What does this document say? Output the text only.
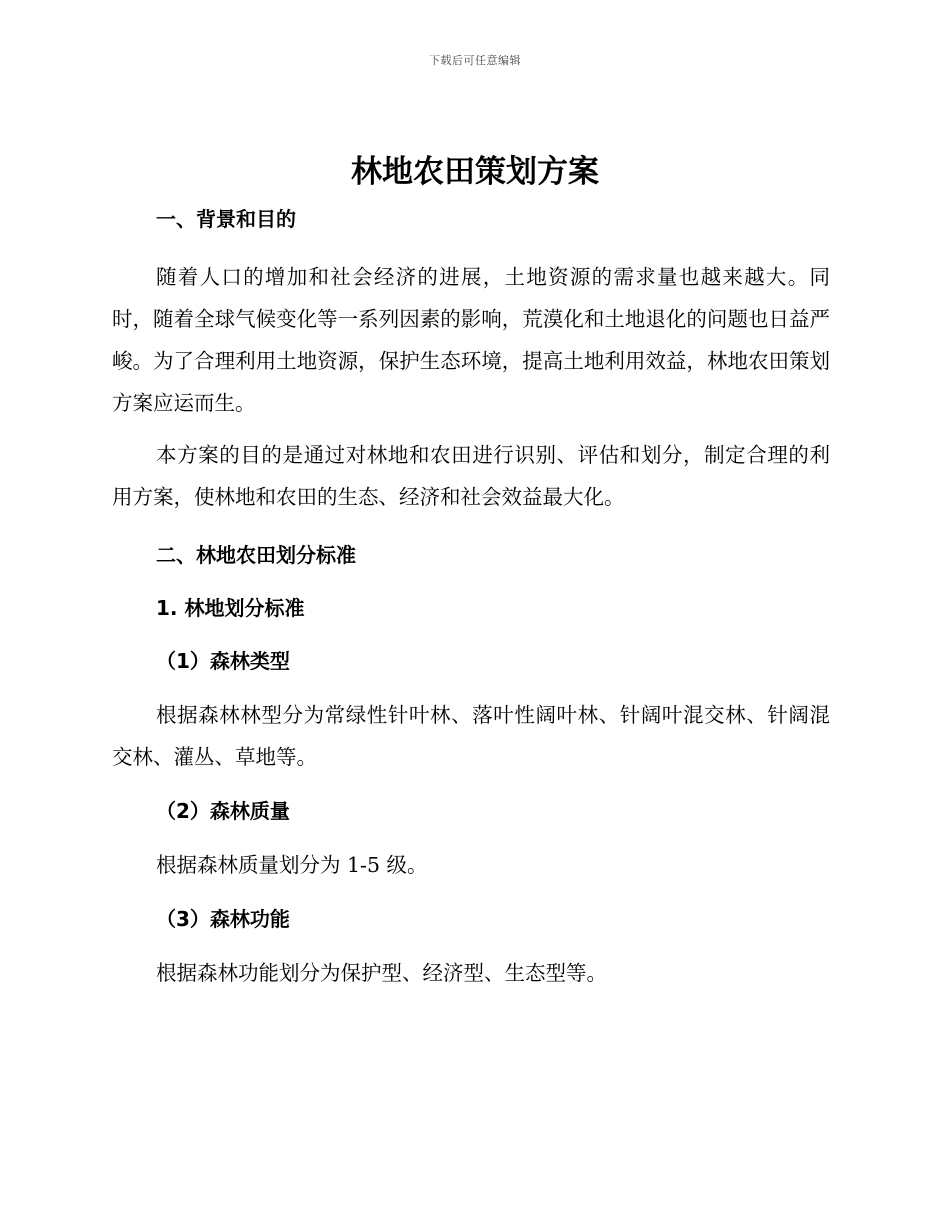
下载后可任意编辑
林地农田策划方案
一、背景和目的

随着人口的增加和社会经济的进展，土地资源的需求量也越来越大。同时，随着全球气候变化等一系列因素的影响，荒漠化和土地退化的问题也日益严峻。为了合理利用土地资源，保护生态环境，提高土地利用效益，林地农田策划方案应运而生。

本方案的目的是通过对林地和农田进行识别、评估和划分，制定合理的利用方案，使林地和农田的生态、经济和社会效益最大化。

二、林地农田划分标准
1. 林地划分标准
（1）森林类型

根据森林林型分为常绿性针叶林、落叶性阔叶林、针阔叶混交林、针阔混交林、灌丛、草地等。

（2）森林质量

根据森林质量划分为 1-5 级。

（3）森林功能

根据森林功能划分为保护型、经济型、生态型等。
